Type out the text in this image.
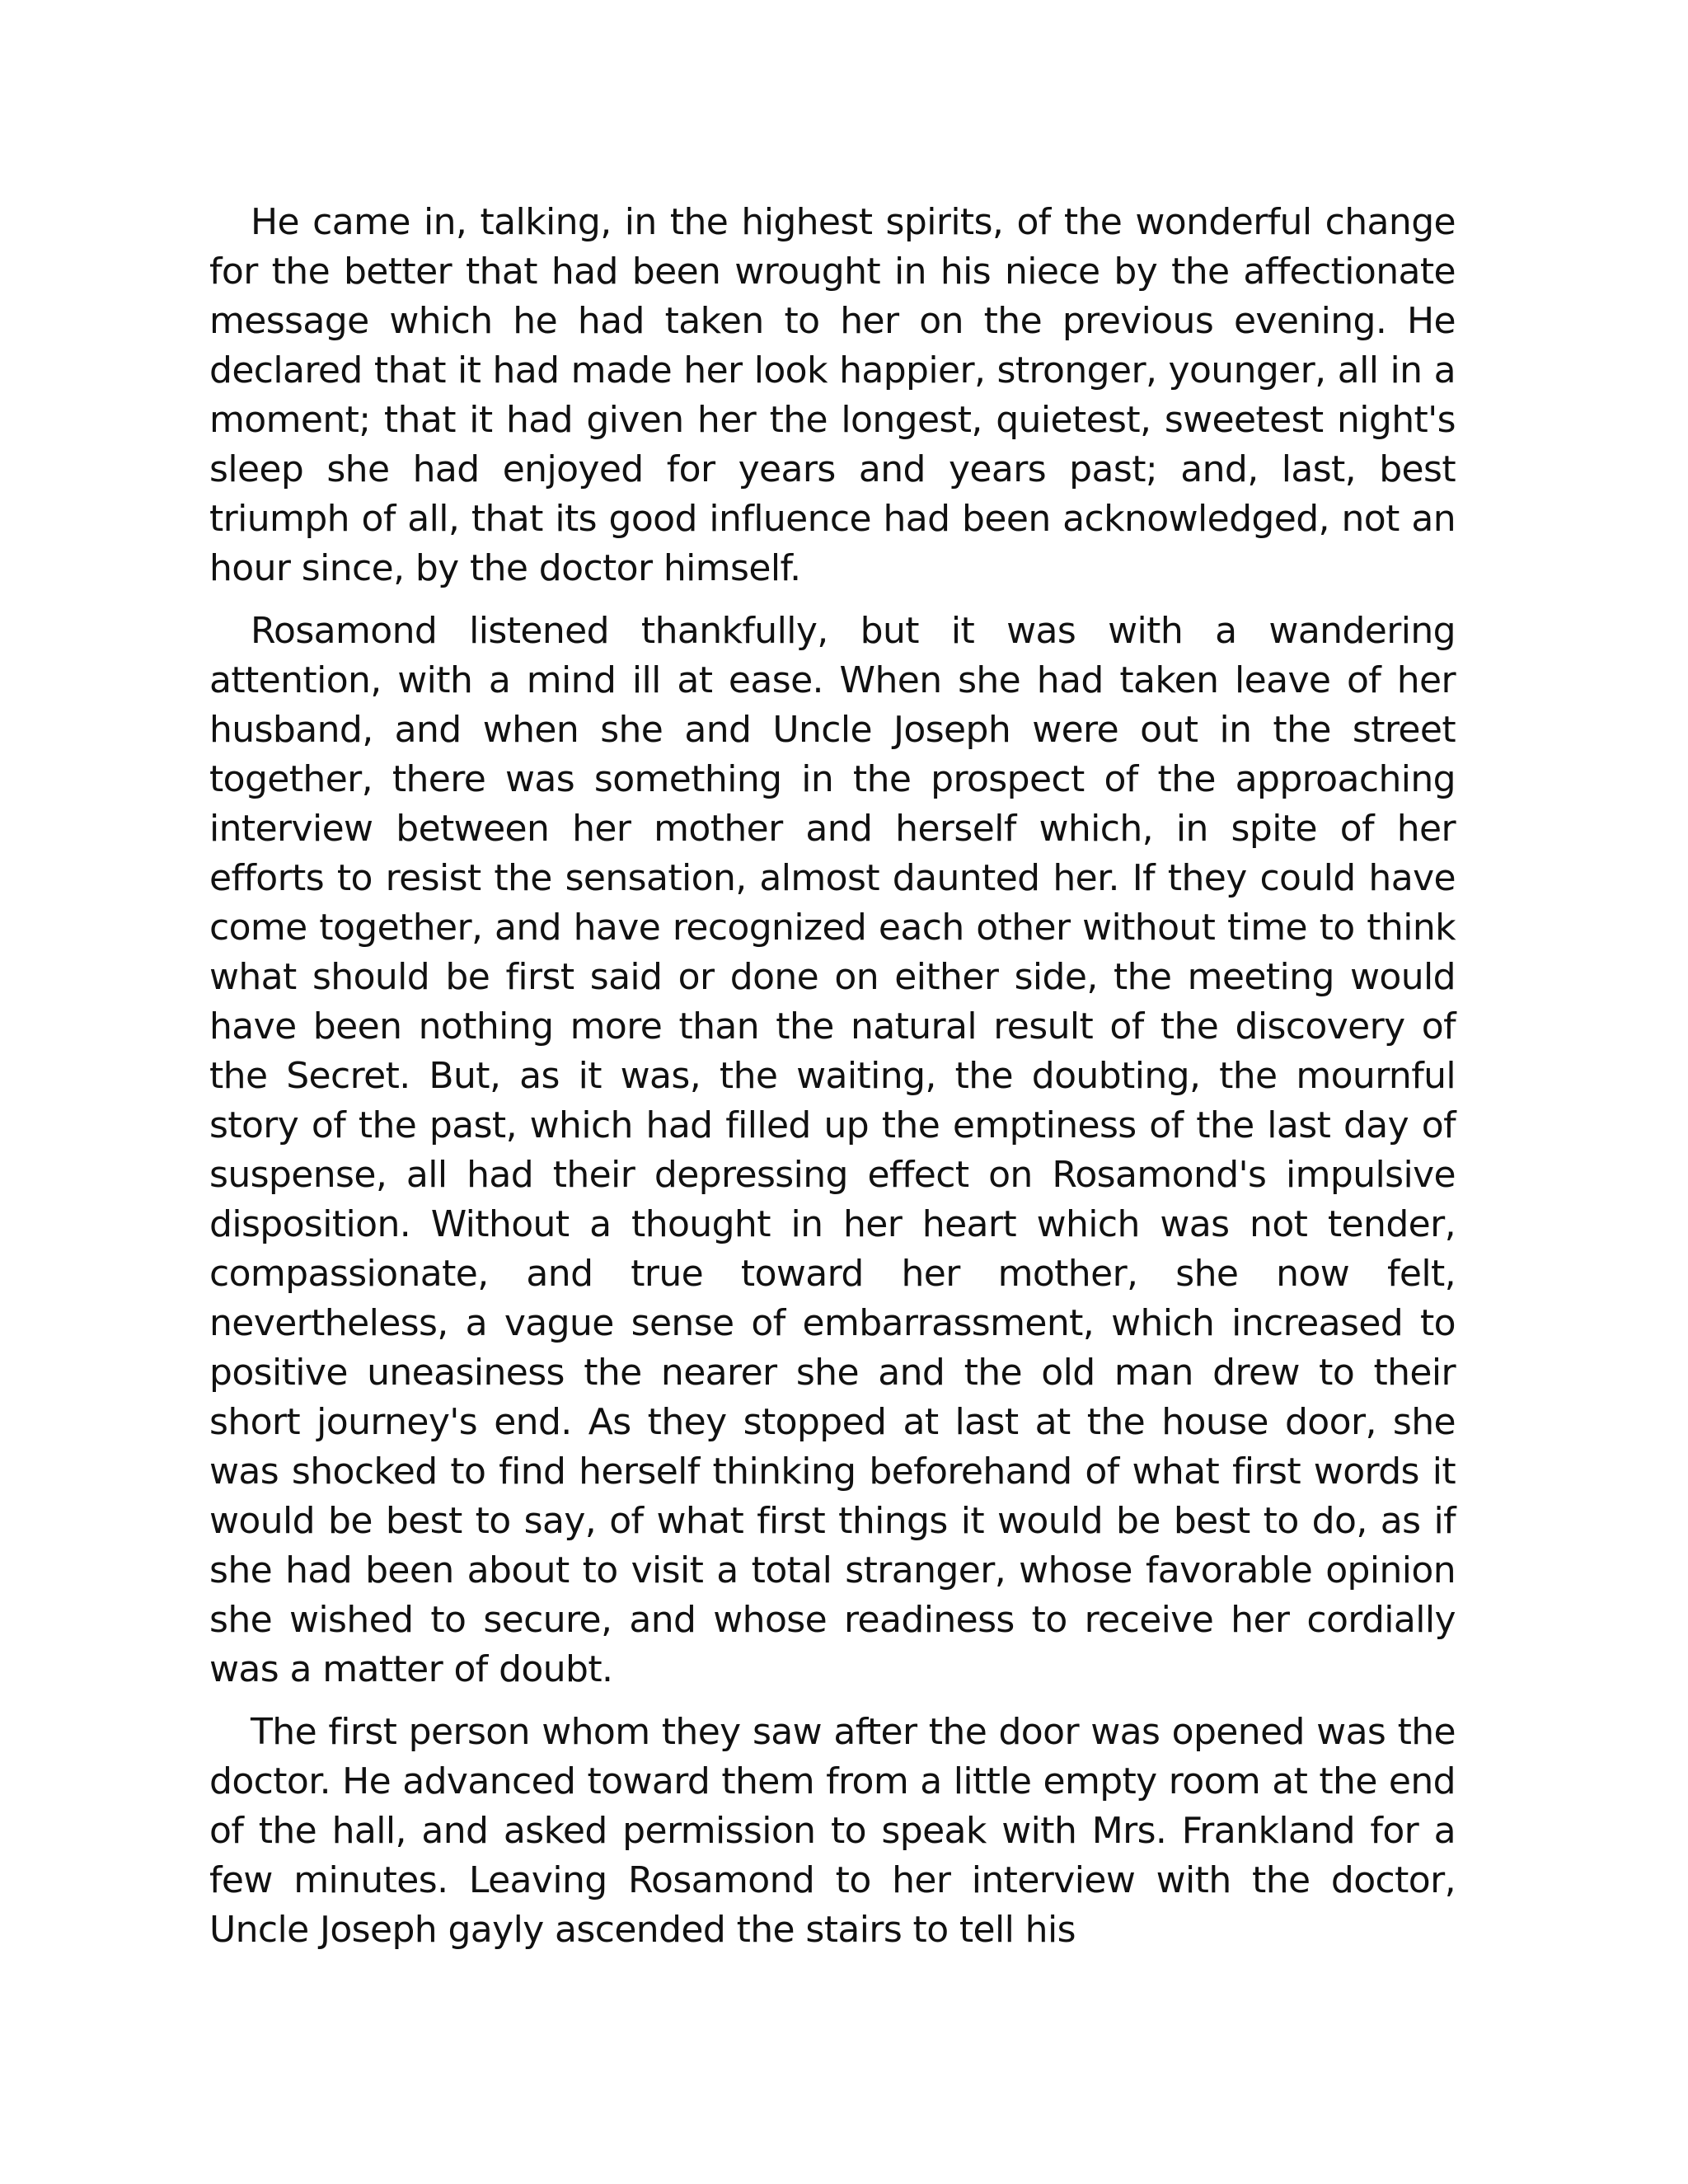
He came in, talking, in the highest spirits, of the wonderful change for the better that had been wrought in his niece by the affectionate message which he had taken to her on the previous evening. He declared that it had made her look happier, stronger, younger, all in a moment; that it had given her the longest, quietest, sweetest night's sleep she had enjoyed for years and years past; and, last, best triumph of all, that its good influence had been acknowledged, not an hour since, by the doctor himself.

Rosamond listened thankfully, but it was with a wandering attention, with a mind ill at ease. When she had taken leave of her husband, and when she and Uncle Joseph were out in the street together, there was something in the prospect of the approaching interview between her mother and herself which, in spite of her efforts to resist the sensation, almost daunted her. If they could have come together, and have recognized each other without time to think what should be first said or done on either side, the meeting would have been nothing more than the natural result of the discovery of the Secret. But, as it was, the waiting, the doubting, the mournful story of the past, which had filled up the emptiness of the last day of suspense, all had their depressing effect on Rosamond's impulsive disposition. Without a thought in her heart which was not tender, compassionate, and true toward her mother, she now felt, nevertheless, a vague sense of embarrassment, which increased to positive uneasiness the nearer she and the old man drew to their short journey's end. As they stopped at last at the house door, she was shocked to find herself thinking beforehand of what first words it would be best to say, of what first things it would be best to do, as if she had been about to visit a total stranger, whose favorable opinion she wished to secure, and whose readiness to receive her cordially was a matter of doubt.

The first person whom they saw after the door was opened was the doctor. He advanced toward them from a little empty room at the end of the hall, and asked permission to speak with Mrs. Frankland for a few minutes. Leaving Rosamond to her interview with the doctor, Uncle Joseph gayly ascended the stairs to tell his
